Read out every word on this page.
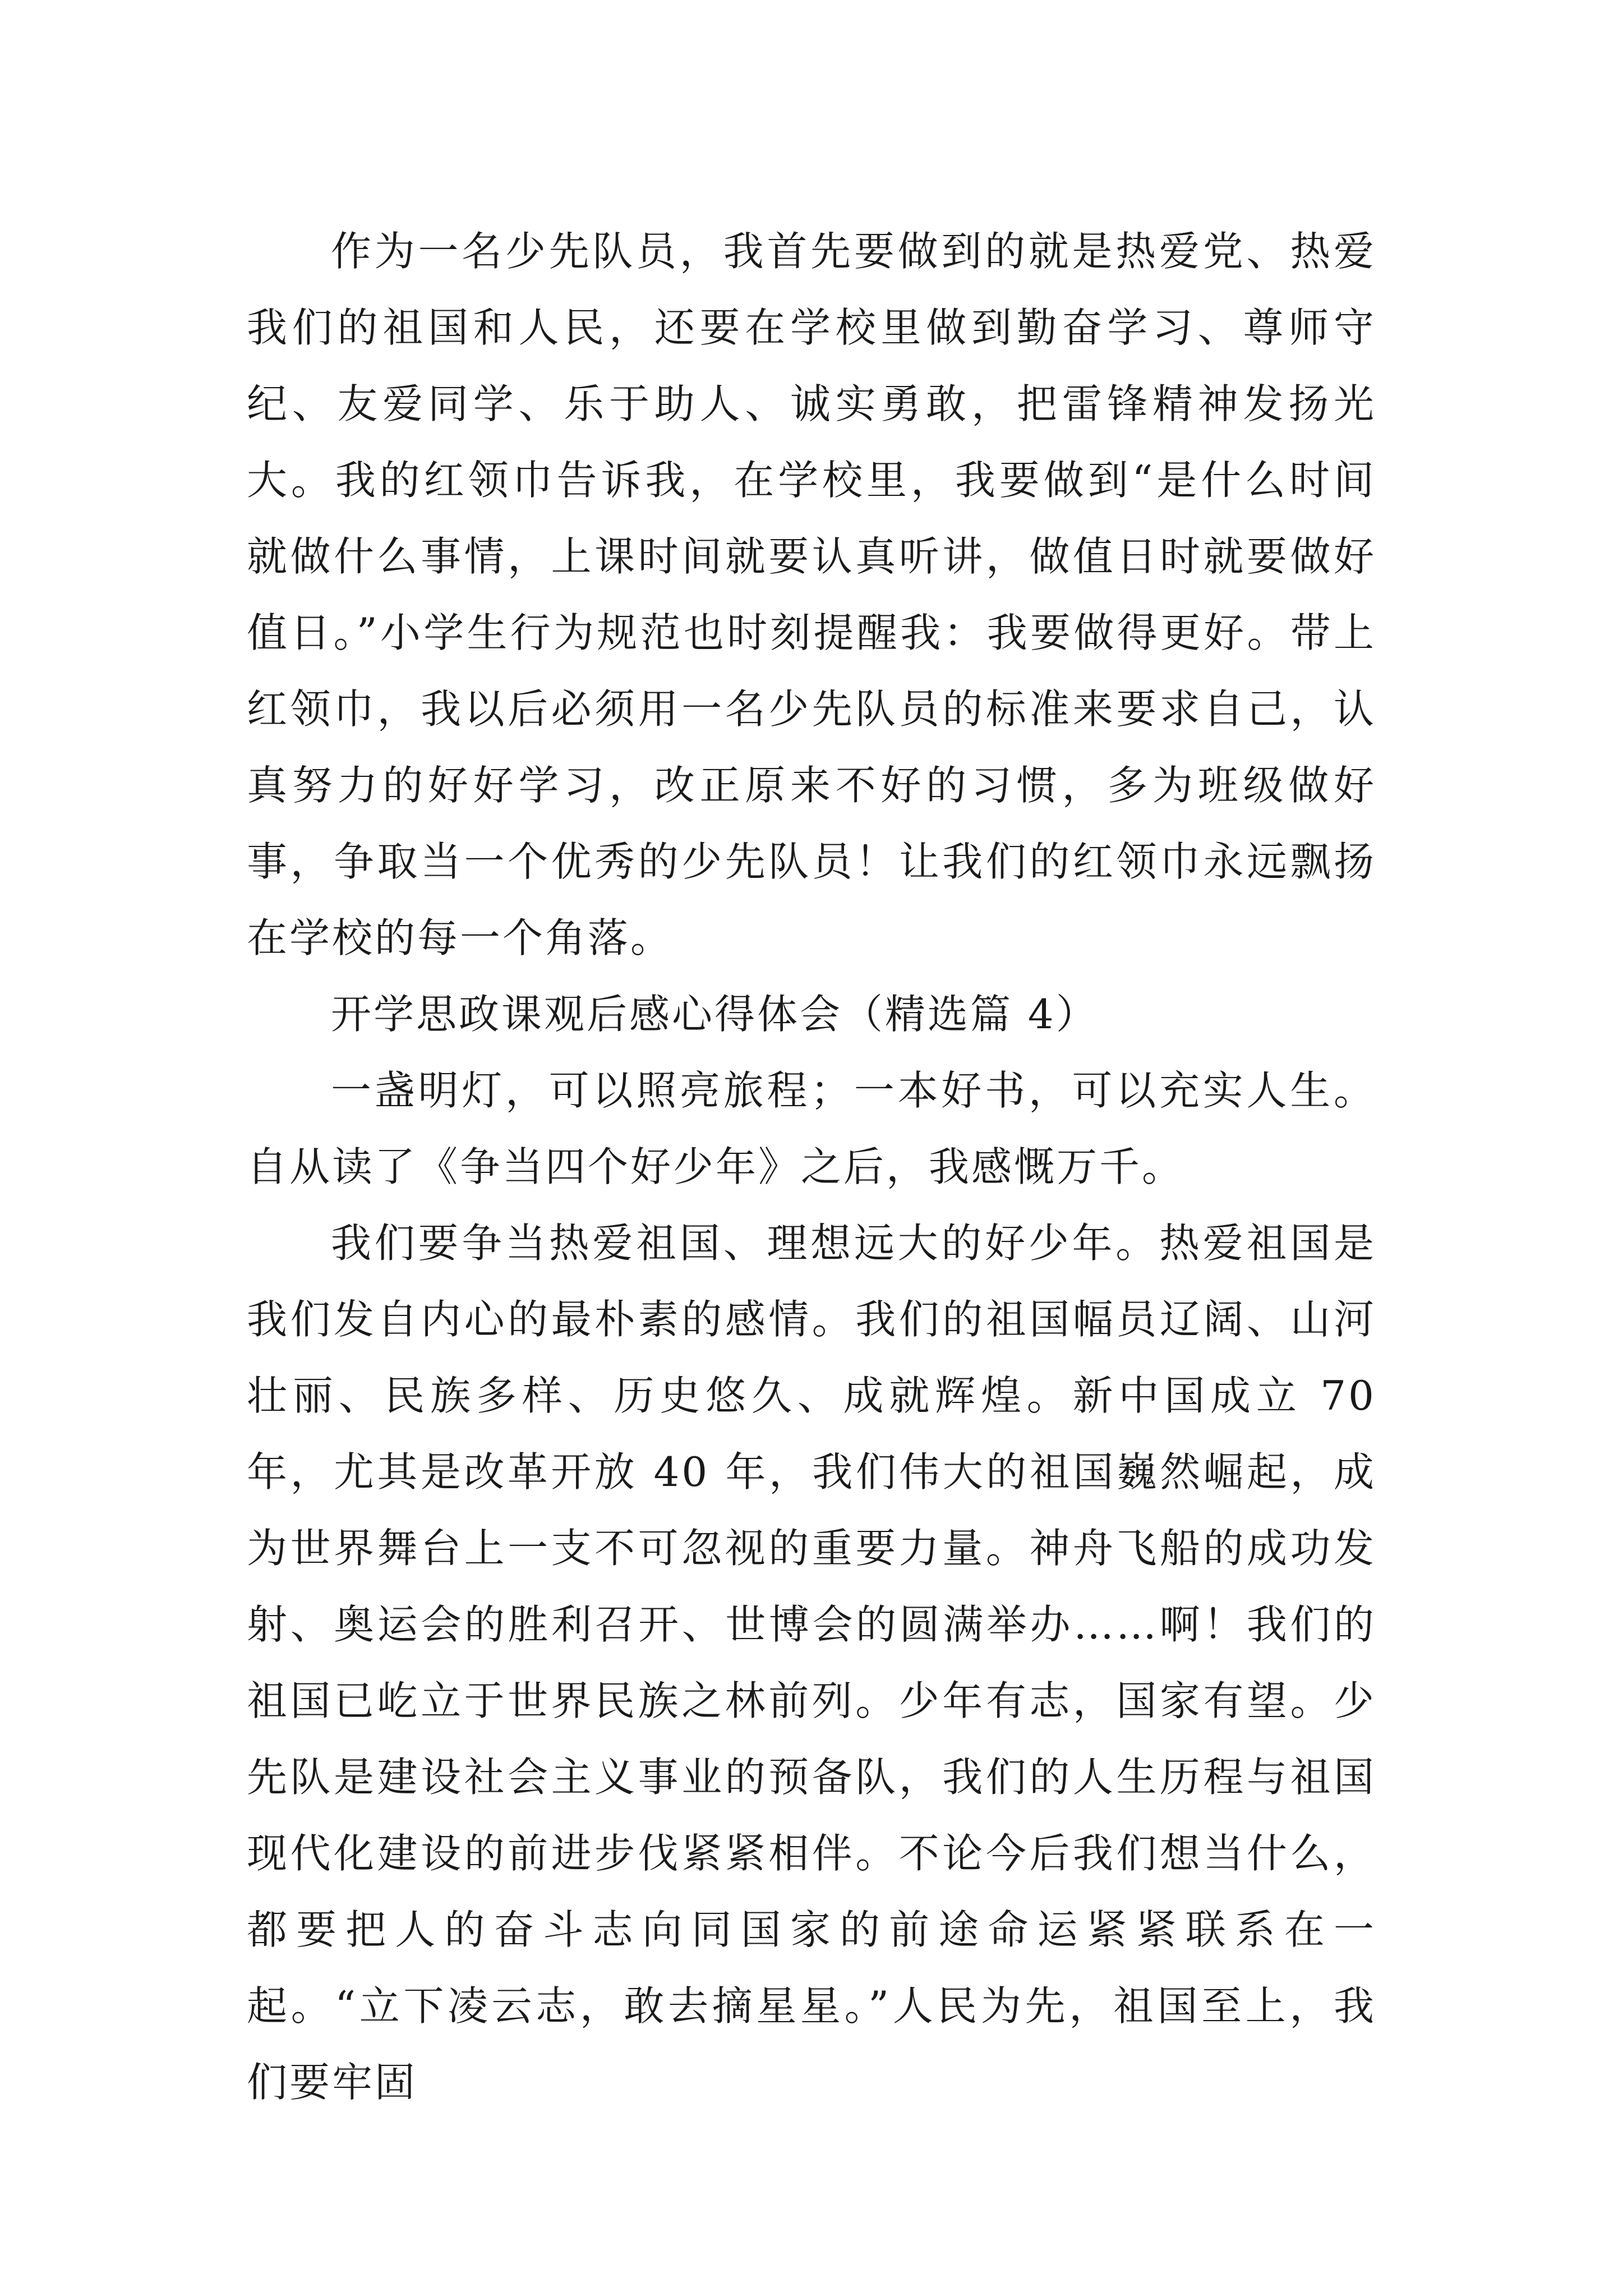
作为一名少先队员，我首先要做到的就是热爱党、热爱我们的祖国和人民，还要在学校里做到勤奋学习、尊师守纪、友爱同学、乐于助人、诚实勇敢，把雷锋精神发扬光大。我的红领巾告诉我，在学校里，我要做到“是什么时间就做什么事情，上课时间就要认真听讲，做值日时就要做好值日。”小学生行为规范也时刻提醒我：我要做得更好。带上红领巾，我以后必须用一名少先队员的标准来要求自己，认真努力的好好学习，改正原来不好的习惯，多为班级做好事，争取当一个优秀的少先队员！让我们的红领巾永远飘扬在学校的每一个角落。

开学思政课观后感心得体会（精选篇 4）

一盏明灯，可以照亮旅程；一本好书，可以充实人生。自从读了《争当四个好少年》之后，我感慨万千。

我们要争当热爱祖国、理想远大的好少年。热爱祖国是我们发自内心的最朴素的感情。我们的祖国幅员辽阔、山河壮丽、民族多样、历史悠久、成就辉煌。新中国成立 70 年，尤其是改革开放 40 年，我们伟大的祖国巍然崛起，成为世界舞台上一支不可忽视的重要力量。神舟飞船的成功发射、奥运会的胜利召开、世博会的圆满举办……啊！我们的祖国已屹立于世界民族之林前列。少年有志，国家有望。少先队是建设社会主义事业的预备队，我们的人生历程与祖国现代化建设的前进步伐紧紧相伴。不论今后我们想当什么，都要把人的奋斗志向同国家的前途命运紧紧联系在一起。“立下凌云志，敢去摘星星。”人民为先，祖国至上，我们要牢固
